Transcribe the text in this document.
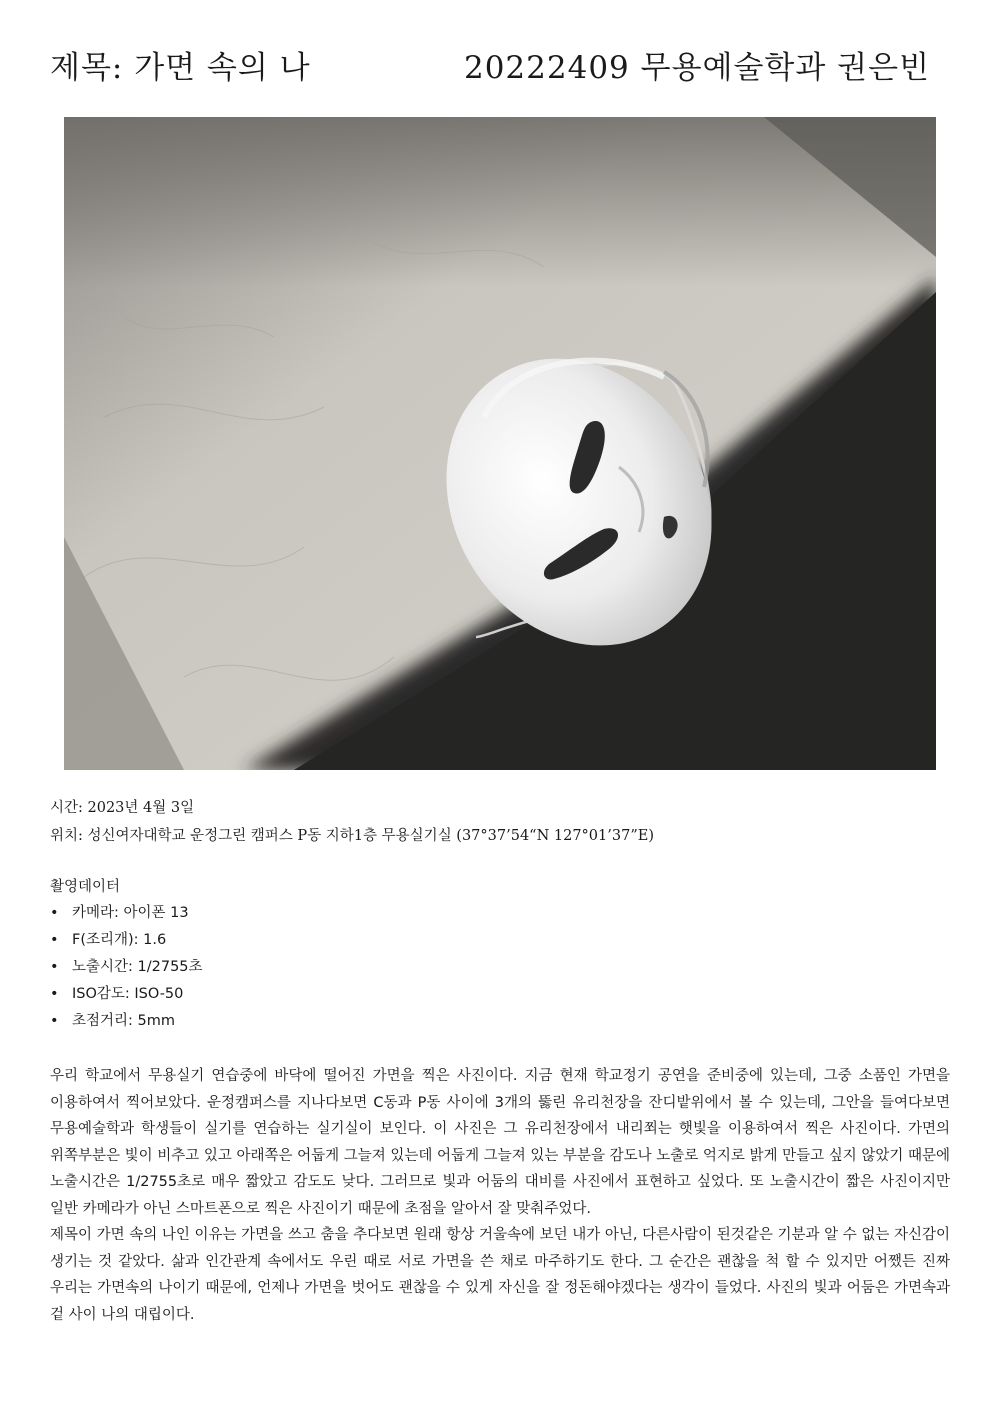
제목: 가면 속의 나	20222409 무용예술학과 권은빈
시간: 2023년 4월 3일
위치: 성신여자대학교 운정그린 캠퍼스 P동 지하1층 무용실기실 (37°37’54“N 127°01’37”E)
촬영데이터
• 카메라: 아이폰 13
• F(조리개): 1.6
• 노출시간: 1/2755초
• ISO감도: ISO-50
• 초점거리: 5mm

우리 학교에서 무용실기 연습중에 바닥에 떨어진 가면을 찍은 사진이다. 지금 현재 학교정기 공연을 준비중에 있는데, 그중 소품인 가면을 이용하여서 찍어보았다. 운정캠퍼스를 지나다보면 C동과 P동 사이에 3개의 뚫린 유리천장을 잔디밭위에서 볼 수 있는데, 그안을 들여다보면 무용예술학과 학생들이 실기를 연습하는 실기실이 보인다. 이 사진은 그 유리천장에서 내리쬐는 햇빛을 이용하여서 찍은 사진이다. 가면의 위쪽부분은 빛이 비추고 있고 아래쪽은 어둡게 그늘져 있는데 어둡게 그늘져 있는 부분을 감도나 노출로 억지로 밝게 만들고 싶지 않았기 때문에 노출시간은 1/2755초로 매우 짧았고 감도도 낮다. 그러므로 빛과 어둠의 대비를 사진에서 표현하고 싶었다. 또 노출시간이 짧은 사진이지만 일반 카메라가 아닌 스마트폰으로 찍은 사진이기 때문에 초점을 알아서 잘 맞춰주었다.

제목이 가면 속의 나인 이유는 가면을 쓰고 춤을 추다보면 원래 항상 거울속에 보던 내가 아닌, 다른사람이 된것같은 기분과 알 수 없는 자신감이 생기는 것 같았다. 삶과 인간관계 속에서도 우린 때로 서로 가면을 쓴 채로 마주하기도 한다. 그 순간은 괜찮을 척 할 수 있지만 어쨌든 진짜 우리는 가면속의 나이기 때문에, 언제나 가면을 벗어도 괜찮을 수 있게 자신을 잘 정돈해야겠다는 생각이 들었다. 사진의 빛과 어둠은 가면속과 겉 사이 나의 대립이다.
